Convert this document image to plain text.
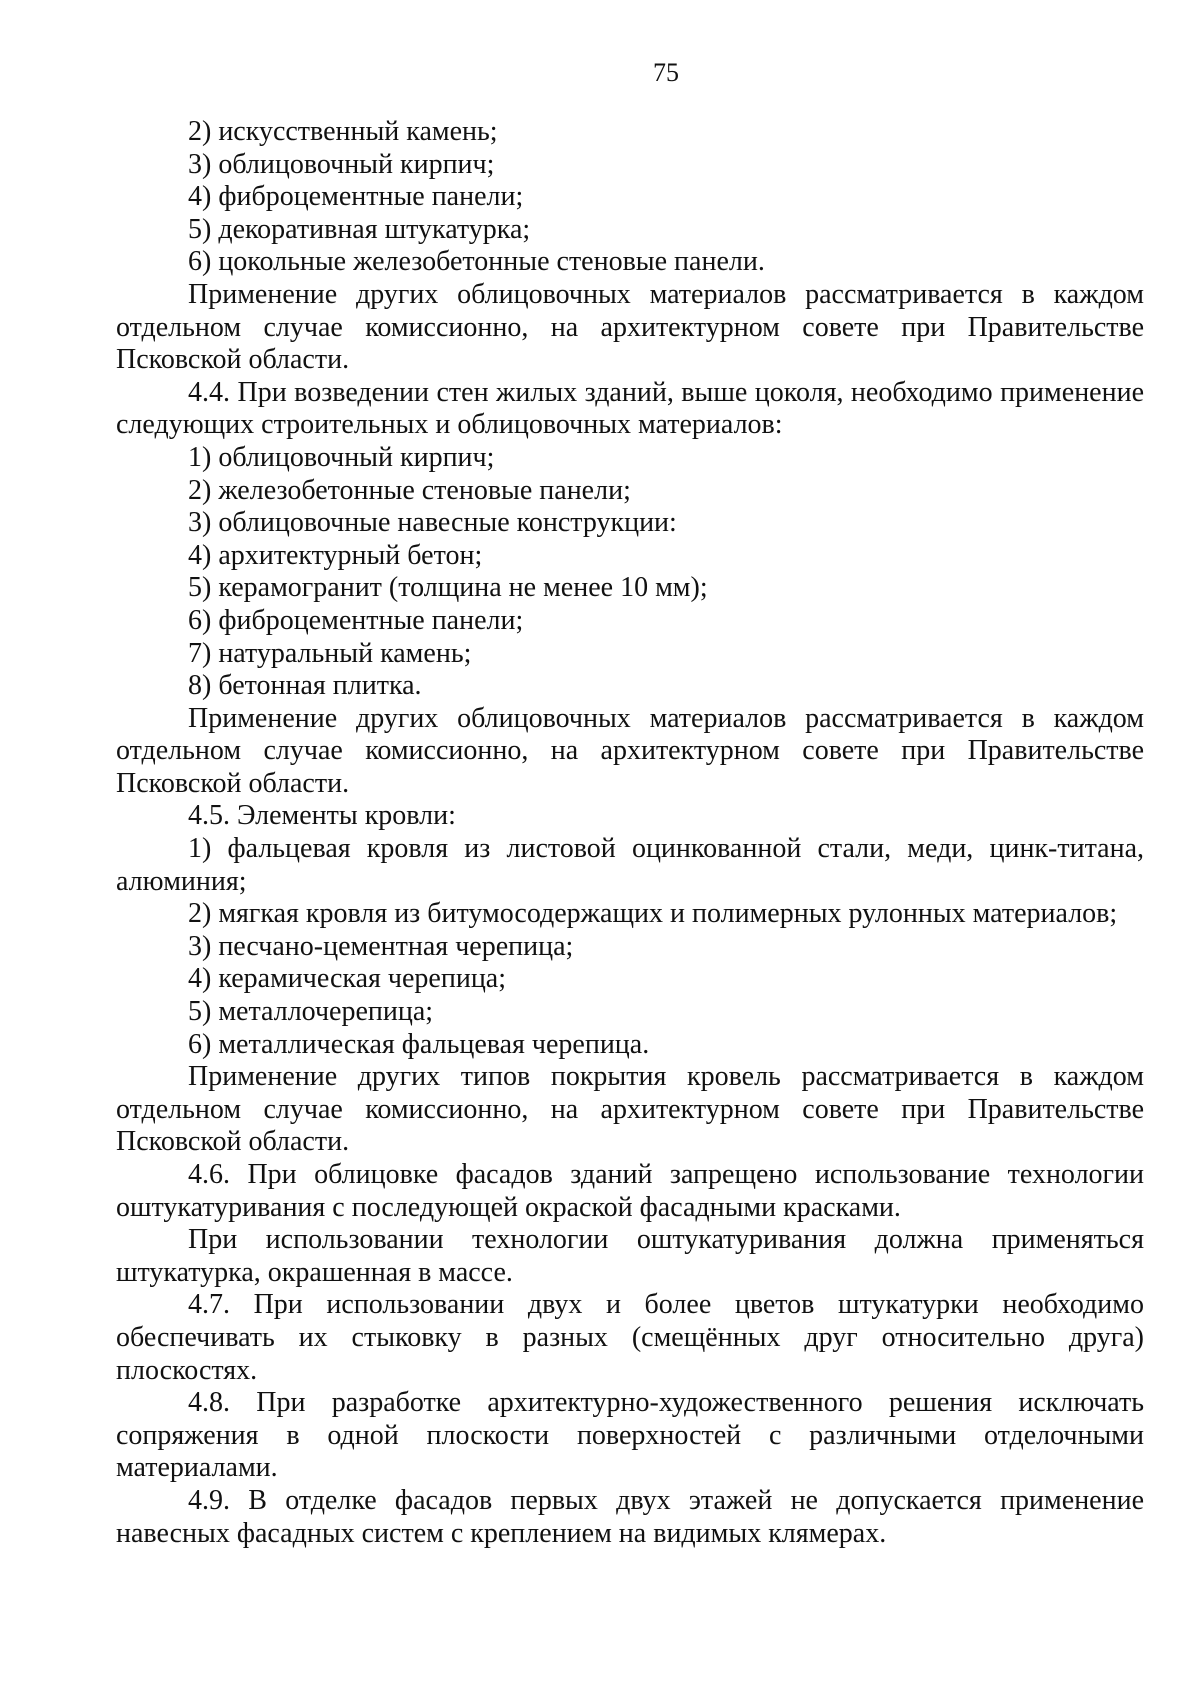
75

2) искусственный камень;

3) облицовочный кирпич;

4) фиброцементные панели;

5) декоративная штукатурка;

6) цокольные железобетонные стеновые панели.

Применение других облицовочных материалов рассматривается в каждом отдельном случае комиссионно, на архитектурном совете при Правительстве Псковской области.

4.4. При возведении стен жилых зданий, выше цоколя, необходимо применение следующих строительных и облицовочных материалов:

1) облицовочный кирпич;

2) железобетонные стеновые панели;

3) облицовочные навесные конструкции:

4) архитектурный бетон;

5) керамогранит (толщина не менее 10 мм);

6) фиброцементные панели;

7) натуральный камень;

8) бетонная плитка.

Применение других облицовочных материалов рассматривается в каждом отдельном случае комиссионно, на архитектурном совете при Правительстве Псковской области.

4.5. Элементы кровли:

1) фальцевая кровля из листовой оцинкованной стали, меди, цинк-титана, алюминия;

2) мягкая кровля из битумосодержащих и полимерных рулонных материалов;

3) песчано-цементная черепица;

4) керамическая черепица;

5) металлочерепица;

6) металлическая фальцевая черепица.

Применение других типов покрытия кровель рассматривается в каждом отдельном случае комиссионно, на архитектурном совете при Правительстве Псковской области.

4.6. При облицовке фасадов зданий запрещено использование технологии оштукатуривания с последующей окраской фасадными красками.

При использовании технологии оштукатуривания должна применяться штукатурка, окрашенная в массе.

4.7. При использовании двух и более цветов штукатурки необходимо обеспечивать их стыковку в разных (смещённых друг относительно друга) плоскостях.

4.8. При разработке архитектурно-художественного решения исключать сопряжения в одной плоскости поверхностей с различными отделочными материалами.

4.9. В отделке фасадов первых двух этажей не допускается применение навесных фасадных систем с креплением на видимых клямерах.
